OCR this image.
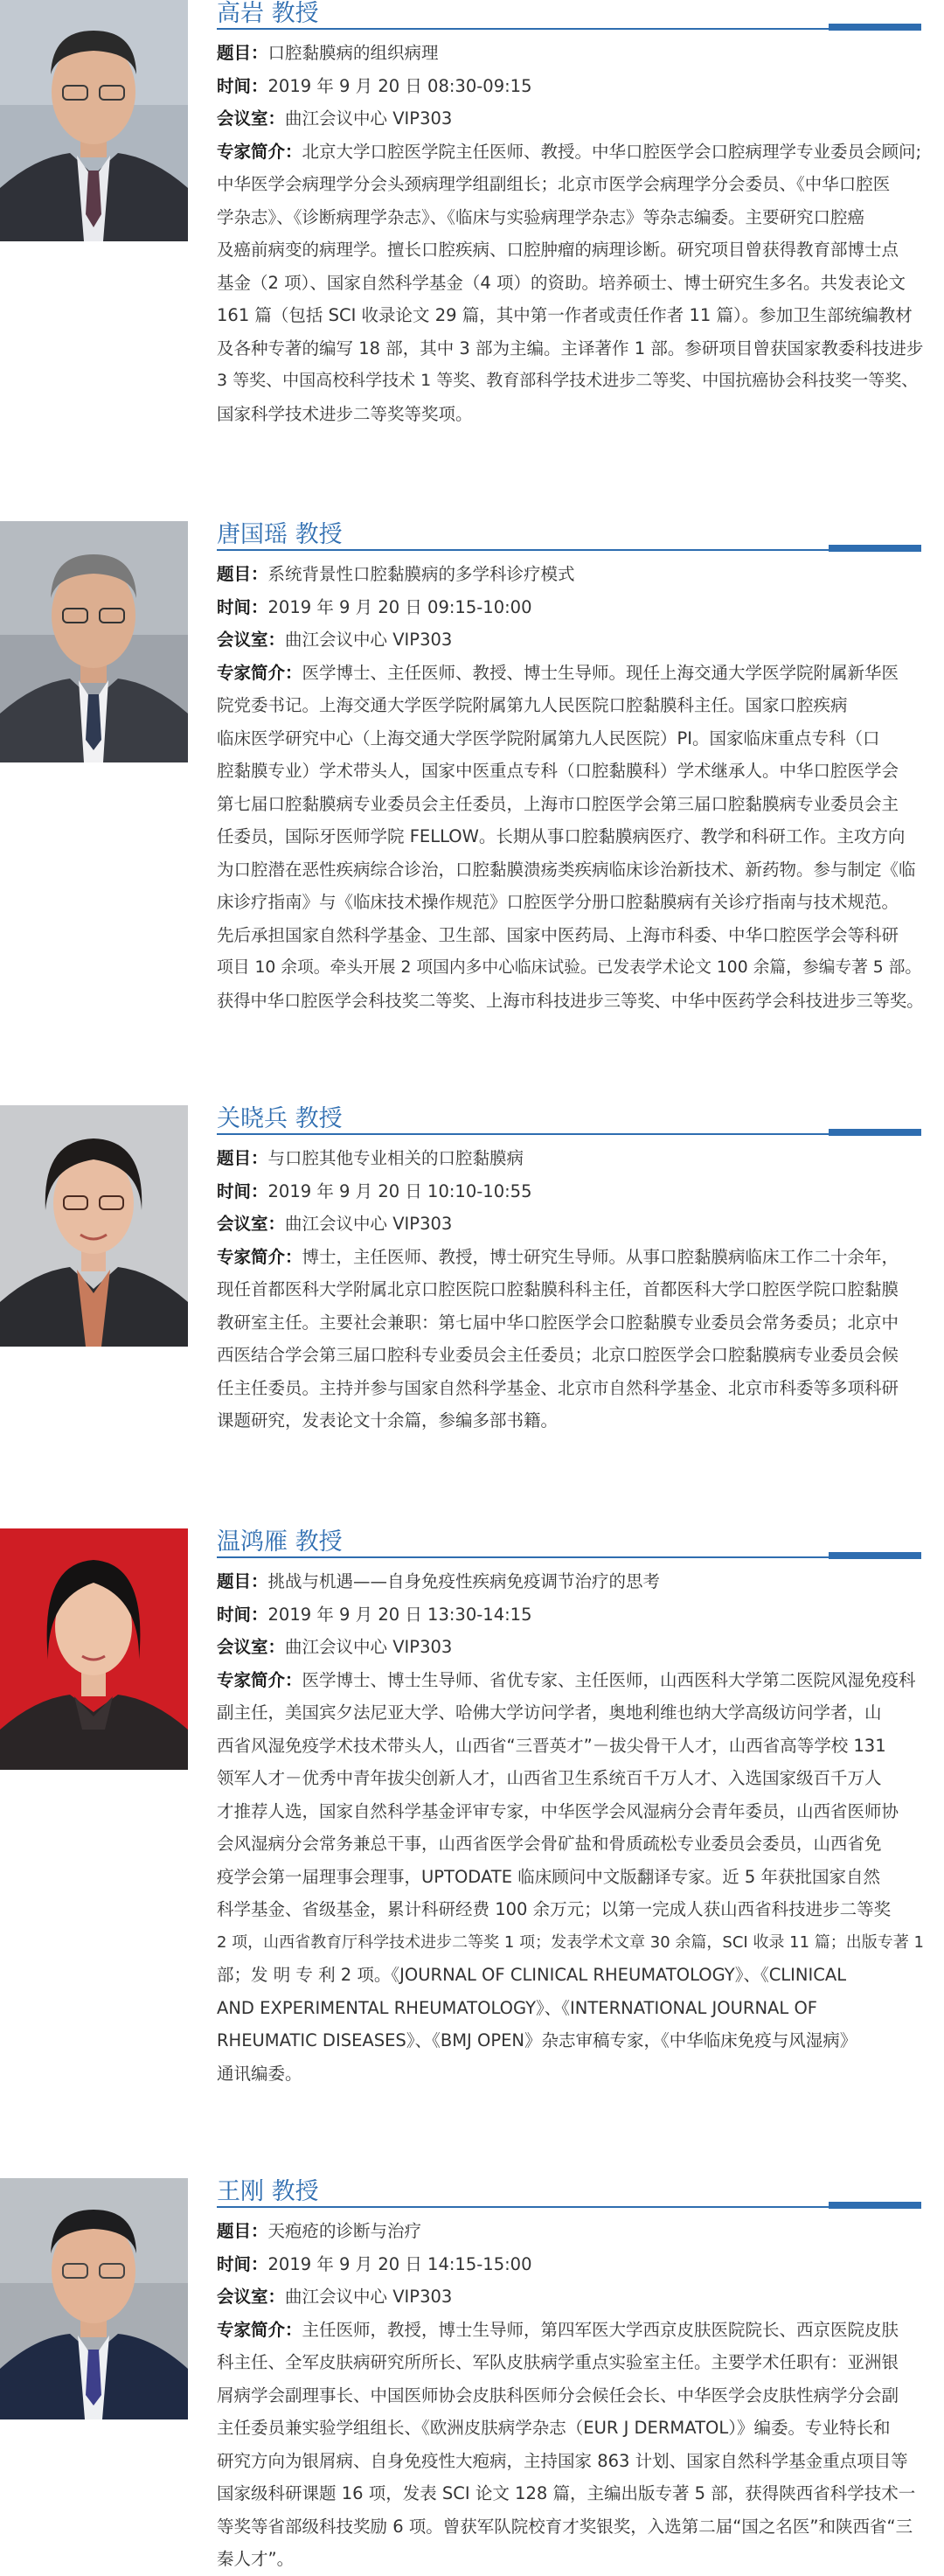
高岩 教授
题目：口腔黏膜病的组织病理
时间：2019 年 9 月 20 日 08:30-09:15
会议室：曲江会议中心 VIP303
专家简介：北京大学口腔医学院主任医师、教授。中华口腔医学会口腔病理学专业委员会顾问;
中华医学会病理学分会头颈病理学组副组长；北京市医学会病理学分会委员、《中华口腔医
学杂志》、《诊断病理学杂志》、《临床与实验病理学杂志》等杂志编委。主要研究口腔癌
及癌前病变的病理学。擅长口腔疾病、口腔肿瘤的病理诊断。研究项目曾获得教育部博士点
基金（2 项）、国家自然科学基金（4 项）的资助。培养硕士、博士研究生多名。共发表论文
161 篇（包括 SCI 收录论文 29 篇，其中第一作者或责任作者 11 篇）。参加卫生部统编教材
及各种专著的编写 18 部，其中 3 部为主编。主译著作 1 部。参研项目曾获国家教委科技进步
3 等奖、中国高校科学技术 1 等奖、教育部科学技术进步二等奖、中国抗癌协会科技奖一等奖、
国家科学技术进步二等奖等奖项。
唐国瑶 教授
题目：系统背景性口腔黏膜病的多学科诊疗模式
时间：2019 年 9 月 20 日 09:15-10:00
会议室：曲江会议中心 VIP303
专家简介：医学博士、主任医师、教授、博士生导师。现任上海交通大学医学院附属新华医
院党委书记。上海交通大学医学院附属第九人民医院口腔黏膜科主任。国家口腔疾病
临床医学研究中心（上海交通大学医学院附属第九人民医院）PI。国家临床重点专科（口
腔黏膜专业）学术带头人，国家中医重点专科（口腔黏膜科）学术继承人。中华口腔医学会
第七届口腔黏膜病专业委员会主任委员，上海市口腔医学会第三届口腔黏膜病专业委员会主
任委员，国际牙医师学院 FELLOW。长期从事口腔黏膜病医疗、教学和科研工作。主攻方向
为口腔潜在恶性疾病综合诊治，口腔黏膜溃疡类疾病临床诊治新技术、新药物。参与制定《临
床诊疗指南》与《临床技术操作规范》口腔医学分册口腔黏膜病有关诊疗指南与技术规范。
先后承担国家自然科学基金、卫生部、国家中医药局、上海市科委、中华口腔医学会等科研
项目 10 余项。牵头开展 2 项国内多中心临床试验。已发表学术论文 100 余篇，参编专著 5 部。
获得中华口腔医学会科技奖二等奖、上海市科技进步三等奖、中华中医药学会科技进步三等奖。
关晓兵 教授
题目：与口腔其他专业相关的口腔黏膜病
时间：2019 年 9 月 20 日 10:10-10:55
会议室：曲江会议中心 VIP303
专家简介：博士，主任医师、教授，博士研究生导师。从事口腔黏膜病临床工作二十余年，
现任首都医科大学附属北京口腔医院口腔黏膜科科主任，首都医科大学口腔医学院口腔黏膜
教研室主任。主要社会兼职：第七届中华口腔医学会口腔黏膜专业委员会常务委员；北京中
西医结合学会第三届口腔科专业委员会主任委员；北京口腔医学会口腔黏膜病专业委员会候
任主任委员。主持并参与国家自然科学基金、北京市自然科学基金、北京市科委等多项科研
课题研究，发表论文十余篇，参编多部书籍。
温鸿雁 教授
题目：挑战与机遇——自身免疫性疾病免疫调节治疗的思考
时间：2019 年 9 月 20 日 13:30-14:15
会议室：曲江会议中心 VIP303
专家简介：医学博士、博士生导师、省优专家、主任医师，山西医科大学第二医院风湿免疫科
副主任，美国宾夕法尼亚大学、哈佛大学访问学者，奥地利维也纳大学高级访问学者，山
西省风湿免疫学术技术带头人，山西省“三晋英才”－拔尖骨干人才，山西省高等学校 131
领军人才－优秀中青年拔尖创新人才，山西省卫生系统百千万人才、入选国家级百千万人
才推荐人选，国家自然科学基金评审专家，中华医学会风湿病分会青年委员，山西省医师协
会风湿病分会常务兼总干事，山西省医学会骨矿盐和骨质疏松专业委员会委员，山西省免
疫学会第一届理事会理事，UPTODATE 临床顾问中文版翻译专家。近 5 年获批国家自然
科学基金、省级基金，累计科研经费 100 余万元；以第一完成人获山西省科技进步二等奖
2 项，山西省教育厅科学技术进步二等奖 1 项；发表学术文章 30 余篇，SCI 收录 11 篇；出版专著 1
部；发 明 专 利 2 项。《JOURNAL OF CLINICAL RHEUMATOLOGY》、《CLINICAL
AND EXPERIMENTAL RHEUMATOLOGY》、《INTERNATIONAL JOURNAL OF
RHEUMATIC DISEASES》、《BMJ OPEN》杂志审稿专家，《中华临床免疫与风湿病》
通讯编委。
王刚 教授
题目：天疱疮的诊断与治疗
时间：2019 年 9 月 20 日 14:15-15:00
会议室：曲江会议中心 VIP303
专家简介：主任医师，教授，博士生导师，第四军医大学西京皮肤医院院长、西京医院皮肤
科主任、全军皮肤病研究所所长、军队皮肤病学重点实验室主任。主要学术任职有：亚洲银
屑病学会副理事长、中国医师协会皮肤科医师分会候任会长、中华医学会皮肤性病学分会副
主任委员兼实验学组组长、《欧洲皮肤病学杂志（EUR J DERMATOL）》编委。专业特长和
研究方向为银屑病、自身免疫性大疱病，主持国家 863 计划、国家自然科学基金重点项目等
国家级科研课题 16 项，发表 SCI 论文 128 篇，主编出版专著 5 部，获得陕西省科学技术一
等奖等省部级科技奖励 6 项。曾获军队院校育才奖银奖，入选第二届“国之名医”和陕西省“三
秦人才”。
